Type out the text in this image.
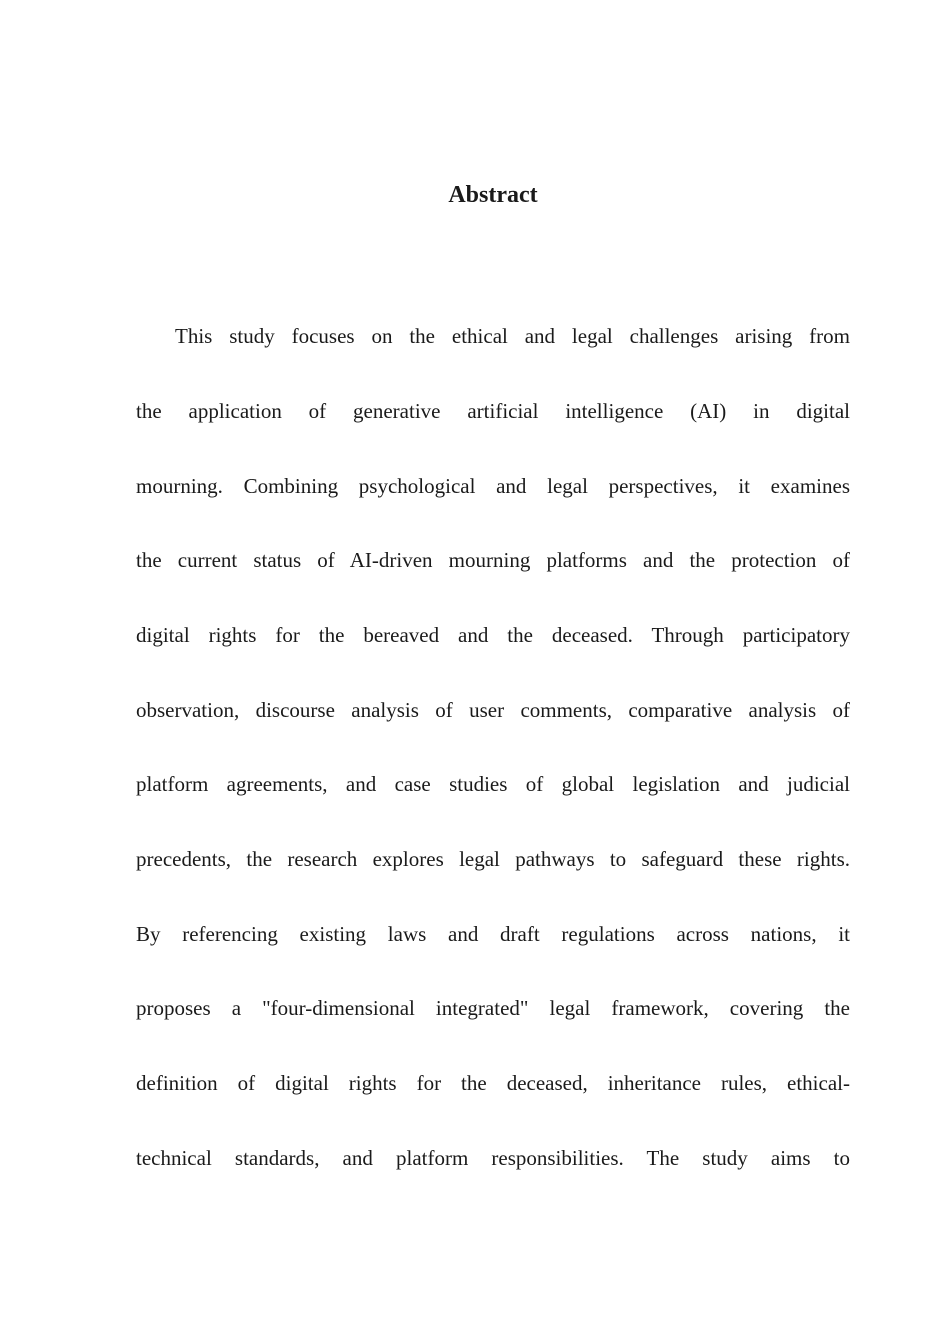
Abstract
This study focuses on the ethical and legal challenges arising from
the application of generative artificial intelligence (AI) in digital
mourning. Combining psychological and legal perspectives, it examines
the current status of AI-driven mourning platforms and the protection of
digital rights for the bereaved and the deceased. Through participatory
observation, discourse analysis of user comments, comparative analysis of
platform agreements, and case studies of global legislation and judicial
precedents, the research explores legal pathways to safeguard these rights.
By referencing existing laws and draft regulations across nations, it
proposes a "four-dimensional integrated" legal framework, covering the
definition of digital rights for the deceased, inheritance rules, ethical-
technical standards, and platform responsibilities. The study aims to
